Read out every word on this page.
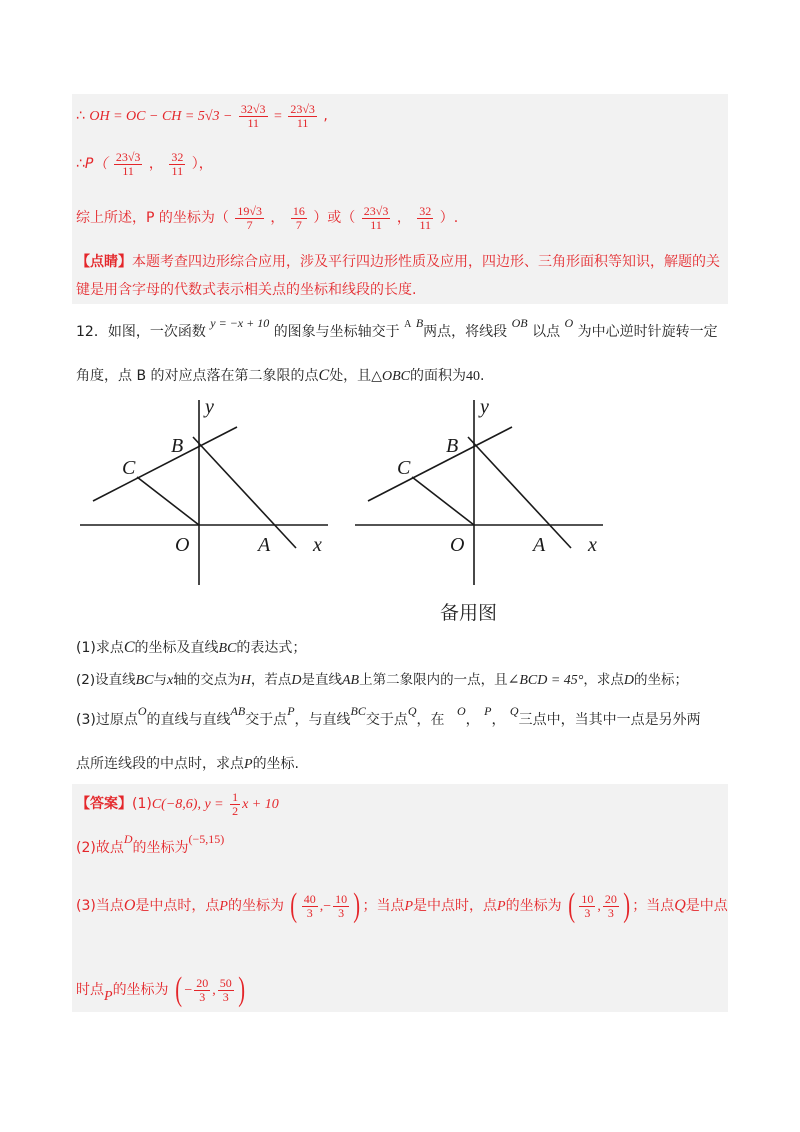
∴ OH = OC − CH = $5√3 - \frac{32√3}{11} = \frac{23√3}{11}$ ,
∴P（ $\frac{23√3}{11}$ ， $\frac{32}{11}$ ），
综上所述，P 的坐标为（ $\frac{19√3}{7}$ ， $\frac{16}{7}$ ）或（ $\frac{23√3}{11}$ ， $\frac{32}{11}$ ）.
【点睛】本题考查四边形综合应用，涉及平行四边形性质及应用，四边形、三角形面积等知识，解题的关
键是用含字母的代数式表示相关点的坐标和线段的长度.
12．如图，一次函数 y = −x + 10 的图象与坐标轴交于 $^A$ B两点，将线段 OB 以点 O 为中心逆时针旋转一定
角度，点 B 的对应点落在第二象限的点C处，且△OBC的面积为40.
y
B
C
O	A x
y
B
C
O	A x
备用图
(1)求点C的坐标及直线BC的表达式；
(2)设直线BC与x轴的交点为H，若点D是直线AB上第二象限内的一点，且∠BCD = 45°，求点D的坐标；
(3)过原点O的直线与直线AB交于点P，与直线BC交于点Q，在 O， P， Q三点中，当其中一点是另外两
点所连线段的中点时，求点P的坐标.
【答案】(1)C(−8,6), $y = \frac{1}{2}$ x + 10
(2)故点D的坐标为(−5,15)
(3)当点O是中点时，点P的坐标为 ( $\frac{40}{3}$ ,− $\frac{10}{3}$ ) ；当点P是中点时，点P的坐标为 ( $\frac{10}{3}$ , $\frac{20}{3}$ ) ；当点Q是中点
时点P的坐标为 ( − $\frac{20}{3}$ , $\frac{50}{3}$ )
